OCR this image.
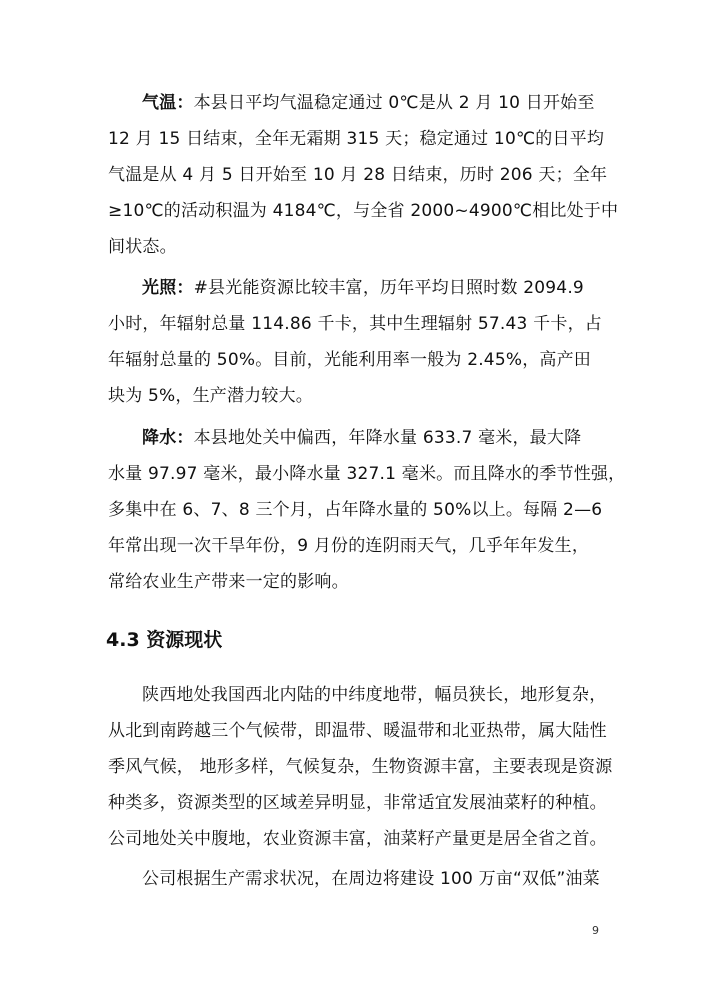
气温：本县日平均气温稳定通过 0℃是从 2 月 10 日开始至
12 月 15 日结束，全年无霜期 315 天；稳定通过 10℃的日平均
气温是从 4 月 5 日开始至 10 月 28 日结束，历时 206 天；全年
≥10℃的活动积温为 4184℃，与全省 2000~4900℃相比处于中
间状态。
光照：#县光能资源比较丰富，历年平均日照时数 2094.9
小时，年辐射总量 114.86 千卡，其中生理辐射 57.43 千卡，占
年辐射总量的 50%。目前，光能利用率一般为 2.45%，高产田
块为 5%，生产潜力较大。
降水：本县地处关中偏西，年降水量 633.7 毫米，最大降
水量 97.97 毫米，最小降水量 327.1 毫米。而且降水的季节性强，
多集中在 6、7、8 三个月，占年降水量的 50%以上。每隔 2—6
年常出现一次干旱年份，9 月份的连阴雨天气，几乎年年发生，
常给农业生产带来一定的影响。
4.3 资源现状
陕西地处我国西北内陆的中纬度地带，幅员狭长，地形复杂，
从北到南跨越三个气候带，即温带、暖温带和北亚热带，属大陆性
季风气候， 地形多样，气候复杂，生物资源丰富，主要表现是资源
种类多，资源类型的区域差异明显，非常适宜发展油菜籽的种植。
公司地处关中腹地，农业资源丰富，油菜籽产量更是居全省之首。
公司根据生产需求状况，在周边将建设 100 万亩“双低”油菜
9
